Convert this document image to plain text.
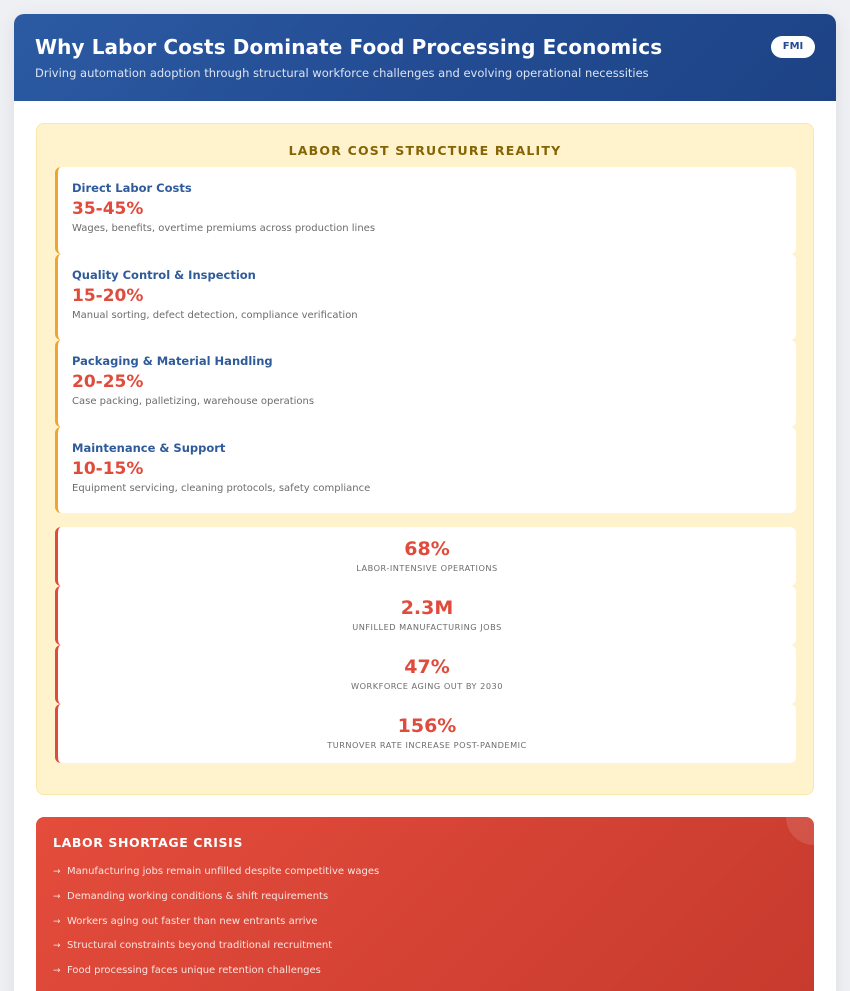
Why Labor Costs Dominate Food Processing Economics
Driving automation adoption through structural workforce challenges and evolving operational necessities
FMI
LABOR COST STRUCTURE REALITY
Direct Labor Costs
35-45%
Wages, benefits, overtime premiums across production lines
Quality Control & Inspection
15-20%
Manual sorting, defect detection, compliance verification
Packaging & Material Handling
20-25%
Case packing, palletizing, warehouse operations
Maintenance & Support
10-15%
Equipment servicing, cleaning protocols, safety compliance
68%
LABOR-INTENSIVE OPERATIONS
2.3M
UNFILLED MANUFACTURING JOBS
47%
WORKFORCE AGING OUT BY 2030
156%
TURNOVER RATE INCREASE POST-PANDEMIC
LABOR SHORTAGE CRISIS
→ Manufacturing jobs remain unfilled despite competitive wages
→ Demanding working conditions & shift requirements
→ Workers aging out faster than new entrants arrive
→ Structural constraints beyond traditional recruitment
→ Food processing faces unique retention challenges
